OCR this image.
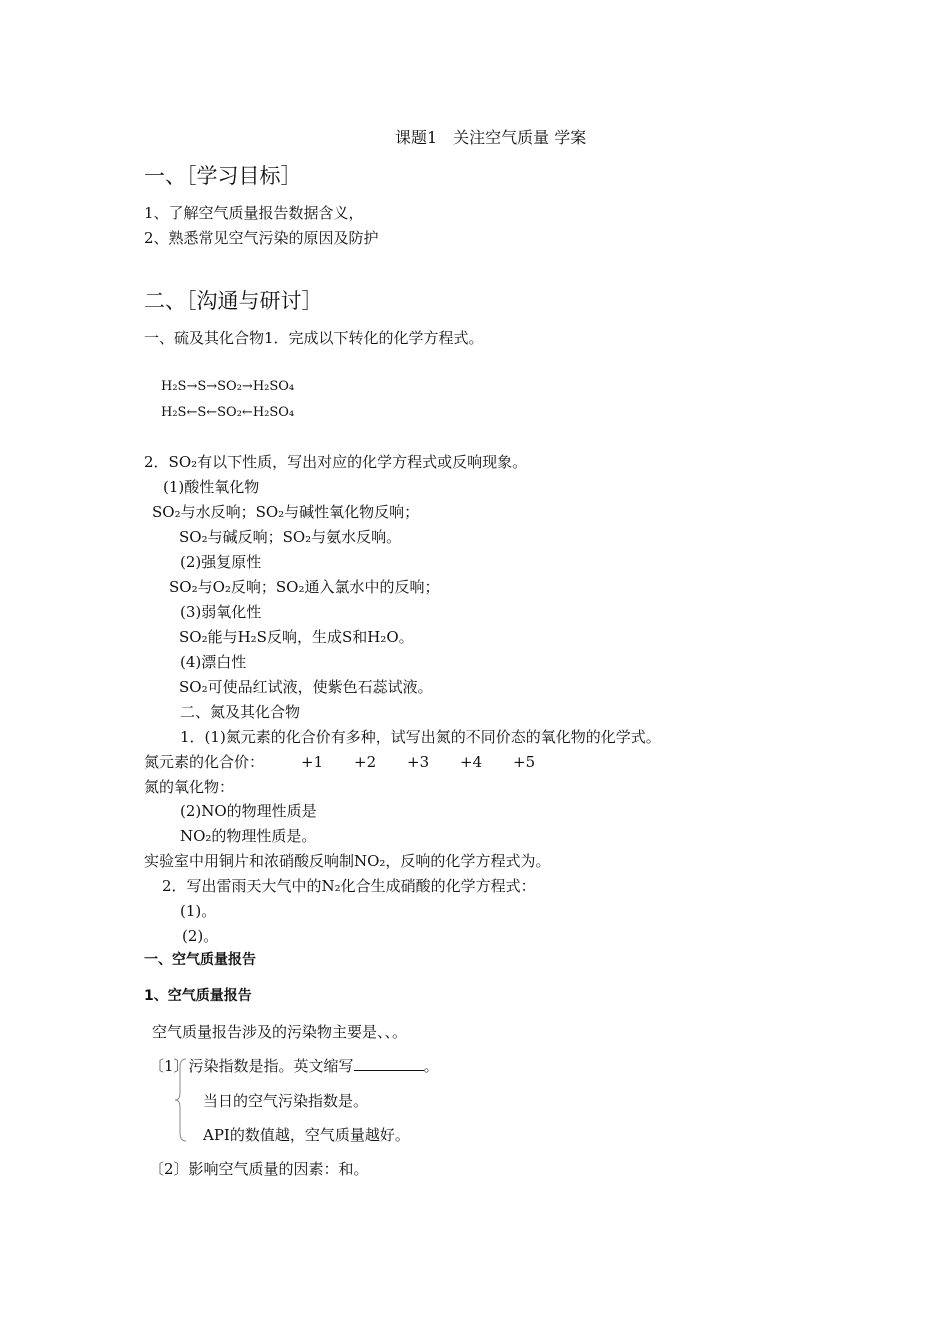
课题1　关注空气质量 学案
一、［学习目标］
1、了解空气质量报告数据含义，
2、熟悉常见空气污染的原因及防护
二、［沟通与研讨］
一、硫及其化合物1．完成以下转化的化学方程式。
H₂S→S→SO₂→H₂SO₄
H₂S←S←SO₂←H₂SO₄
2．SO₂有以下性质，写出对应的化学方程式或反响现象。
(1)酸性氧化物
SO₂与水反响；SO₂与碱性氧化物反响；
SO₂与碱反响；SO₂与氨水反响。
(2)强复原性
SO₂与O₂反响；SO₂通入氯水中的反响；
(3)弱氧化性
SO₂能与H₂S反响，生成S和H₂O。
(4)漂白性
SO₂可使品红试液，使紫色石蕊试液。
二、氮及其化合物
1．(1)氮元素的化合价有多种，试写出氮的不同价态的氧化物的化学式。
氮元素的化合价： +1 +2 +3 +4 +5
氮的氧化物：
(2)NO的物理性质是
NO₂的物理性质是。
实验室中用铜片和浓硝酸反响制NO₂，反响的化学方程式为。
2．写出雷雨天大气中的N₂化合生成硝酸的化学方程式：
(1)。
(2)。
一、空气质量报告
1、空气质量报告
空气质量报告涉及的污染物主要是、、。
〔1〕污染指数是指。英文缩写	。
当日的空气污染指数是。
API的数值越，空气质量越好。
〔2〕影响空气质量的因素：和。
